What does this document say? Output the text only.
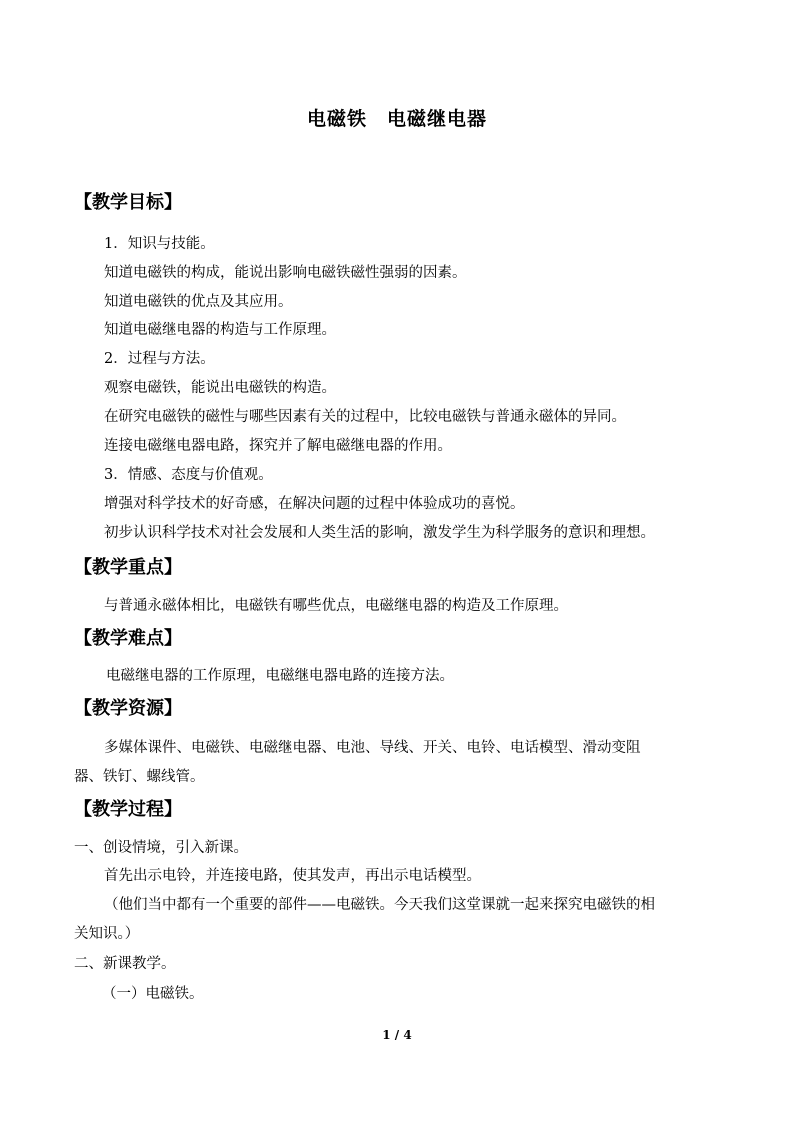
电磁铁　电磁继电器
【教学目标】
1．知识与技能。
知道电磁铁的构成，能说出影响电磁铁磁性强弱的因素。
知道电磁铁的优点及其应用。
知道电磁继电器的构造与工作原理。
2．过程与方法。
观察电磁铁，能说出电磁铁的构造。
在研究电磁铁的磁性与哪些因素有关的过程中，比较电磁铁与普通永磁体的异同。
连接电磁继电器电路，探究并了解电磁继电器的作用。
3．情感、态度与价值观。
增强对科学技术的好奇感，在解决问题的过程中体验成功的喜悦。
初步认识科学技术对社会发展和人类生活的影响，激发学生为科学服务的意识和理想。
【教学重点】
与普通永磁体相比，电磁铁有哪些优点，电磁继电器的构造及工作原理。
【教学难点】
电磁继电器的工作原理，电磁继电器电路的连接方法。
【教学资源】
多媒体课件、电磁铁、电磁继电器、电池、导线、开关、电铃、电话模型、滑动变阻
器、铁钉、螺线管。
【教学过程】
一、创设情境，引入新课。
首先出示电铃，并连接电路，使其发声，再出示电话模型。
（他们当中都有一个重要的部件——电磁铁。今天我们这堂课就一起来探究电磁铁的相
关知识。）
二、新课教学。
（一）电磁铁。
1 / 4
